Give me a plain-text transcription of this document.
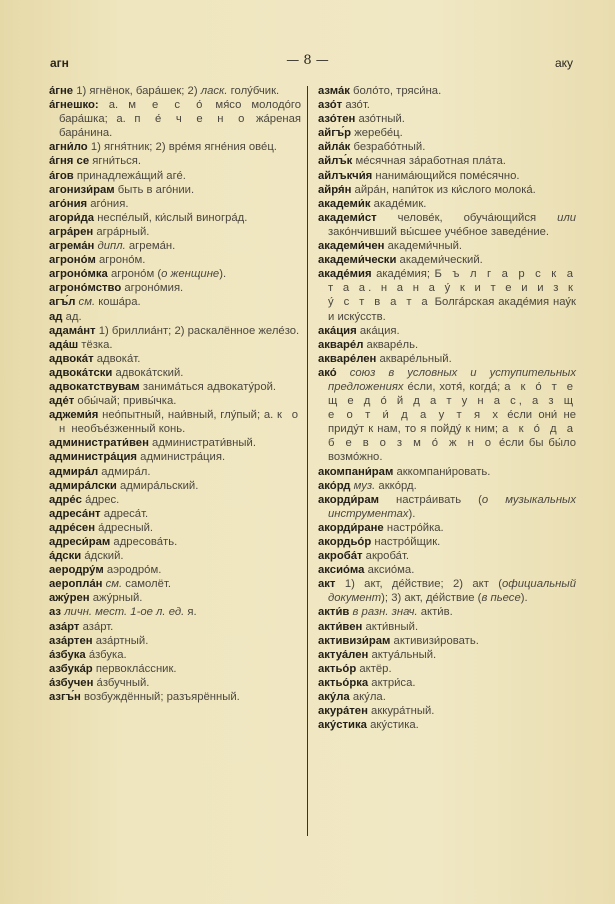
агн	— 8 —	аку
а́гне 1) ягнёнок, бара́шек; 2) ласк. голу́бчик.
а́гнешко: а. м е с о́ мя́со молодо́го бара́шка; а. п е́ ч е н о жа́реная бара́нина.
агни́ло 1) ягня́тник; 2) вре́мя ягне́ния ове́ц.
а́гня се ягни́ться.
а́гов принадлежа́щий аге́.
агонизи́рам быть в аго́нии.
аго́ния аго́ния.
агори́да неспе́лый, ки́слый виногра́д.
агра́рен агра́рный.
агрема́н дипл. агрема́н.
агроно́м агроно́м.
агроно́мка агроно́м (о женщине).
агроно́мство агроно́мия.
агъ́л см. коша́ра.
ад ад.
адама́нт 1) бриллиа́нт; 2) раскалённое желе́зо.
ада́ш тёзка.
адвока́т адвока́т.
адвока́тски адвока́тский.
адвокатствувам занима́ться адвокату́рой.
аде́т обы́чай; привы́чка.
аджеми́я нео́пытный, наи́вный, глу́пый; а. к о н необъе́зженный конь.
администрати́вен администрати́вный.
администра́ция администра́ция.
адмира́л адмира́л.
адмира́лски адмира́льский.
адре́с а́дрес.
адреса́нт адреса́т.
адре́сен а́дресный.
адреси́рам адресова́ть.
а́дски а́дский.
аеродру́м аэродро́м.
аеропла́н см. самолёт.
ажу́рен ажу́рный.
аз личн. мест. 1-ое л. ед. я.
аза́рт аза́рт.
аза́ртен аза́ртный.
а́збука а́збука.
азбука́р первокла́ссник.
а́збучен а́збучный.
азгъ́н возбуждённый; разъярённый.
азма́к боло́то, тряси́на.
азо́т азо́т.
азо́тен азо́тный.
айгъ́р жеребе́ц.
айла́к безрабо́тный.
айлъ́к ме́сячная за́работная пла́та.
айлъкчи́я нанима́ющийся поме́сячно.
айря́н айра́н, напи́ток из ки́слого молока́.
академи́к акаде́мик.
академи́ст челове́к, обуча́ющийся или зако́нчивший вы́сшее уче́бное заведе́ние.
академи́чен академи́чный.
академи́чески академи́ческий.
акаде́мия акаде́мия; Б ъ л г а р с к а т а а. н а н а у́ к и т е и и з к у́ с т в а т а Болга́рская акаде́мия нау́к и иску́сств.
ака́ция ака́ция.
акваре́л акваре́ль.
акваре́лен акваре́льный.
ако́ союз в условных и уступительных предложениях е́сли, хотя́, когда́; а к о́ т е щ е д о́ й д а т у н а с, а з щ е о т и́ д а у т я х е́сли они́ не приду́т к нам, то я пойду́ к ним; а к о́ д а б е в о з м о́ ж н о е́сли бы бы́ло возмо́жно.
акомпани́рам аккомпани́ровать.
ако́рд муз. акко́рд.
акорди́рам настра́ивать (о музыкальных инструментах).
акорди́ране настро́йка.
акордьо́р настро́йщик.
акроба́т акроба́т.
аксио́ма аксио́ма.
акт 1) акт, де́йствие; 2) акт (официальный документ); 3) акт, де́йствие (в пьесе).
акти́в в разн. знач. акти́в.
акти́вен акти́вный.
активизи́рам активизи́ровать.
актуа́лен актуа́льный.
актьо́р актёр.
актьо́рка актри́са.
аку́ла аку́ла.
акура́тен аккура́тный.
аку́стика аку́стика.
